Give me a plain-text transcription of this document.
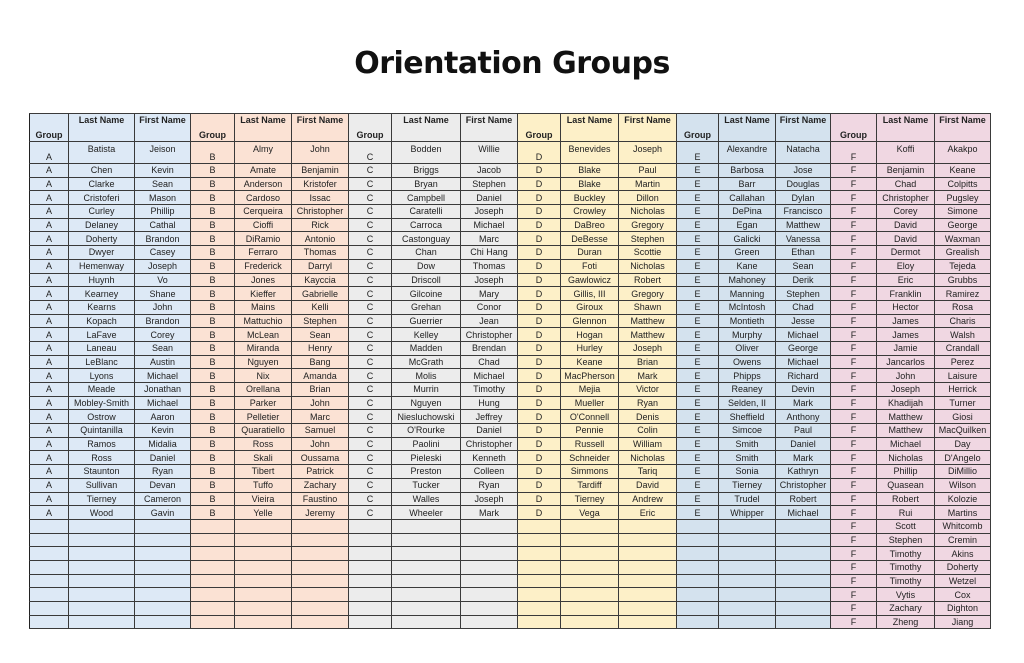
Orientation Groups
Group	Last Name	First Name	Group	Last Name	First Name	Group	Last Name	First Name	Group	Last Name	First Name	Group	Last Name	First Name	Group	Last Name	First Name
A	Batista	Jeison	B	Almy	John	C	Bodden	Willie	D	Benevides	Joseph	E	Alexandre	Natacha	F	Koffi	Akakpo
A	Chen	Kevin	B	Amate	Benjamin	C	Briggs	Jacob	D	Blake	Paul	E	Barbosa	Jose	F	Benjamin	Keane
A	Clarke	Sean	B	Anderson	Kristofer	C	Bryan	Stephen	D	Blake	Martin	E	Barr	Douglas	F	Chad	Colpitts
A	Cristoferi	Mason	B	Cardoso	Issac	C	Campbell	Daniel	D	Buckley	Dillon	E	Callahan	Dylan	F	Christopher	Pugsley
A	Curley	Phillip	B	Cerqueira	Christopher	C	Caratelli	Joseph	D	Crowley	Nicholas	E	DePina	Francisco	F	Corey	Simone
A	Delaney	Cathal	B	Cioffi	Rick	C	Carroca	Michael	D	DaBreo	Gregory	E	Egan	Matthew	F	David	George
A	Doherty	Brandon	B	DiRamio	Antonio	C	Castonguay	Marc	D	DeBesse	Stephen	E	Galicki	Vanessa	F	David	Waxman
A	Dwyer	Casey	B	Ferraro	Thomas	C	Chan	Chi Hang	D	Duran	Scottie	E	Green	Ethan	F	Dermot	Grealish
A	Hemenway	Joseph	B	Frederick	Darryl	C	Dow	Thomas	D	Foti	Nicholas	E	Kane	Sean	F	Eloy	Tejeda
A	Huynh	Vo	B	Jones	Kayccia	C	Driscoll	Joseph	D	Gawlowicz	Robert	E	Mahoney	Derik	F	Eric	Grubbs
A	Kearney	Shane	B	Kieffer	Gabrielle	C	Gilcoine	Mary	D	Gillis, III	Gregory	E	Manning	Stephen	F	Franklin	Ramirez
A	Kearns	John	B	Mains	Kelli	C	Grehan	Conor	D	Giroux	Shawn	E	McIntosh	Chad	F	Hector	Rosa
A	Kopach	Brandon	B	Mattuchio	Stephen	C	Guerrier	Jean	D	Glennon	Matthew	E	Montieth	Jesse	F	James	Charis
A	LaFave	Corey	B	McLean	Sean	C	Kelley	Christopher	D	Hogan	Matthew	E	Murphy	Michael	F	James	Walsh
A	Laneau	Sean	B	Miranda	Henry	C	Madden	Brendan	D	Hurley	Joseph	E	Oliver	George	F	Jamie	Crandall
A	LeBlanc	Austin	B	Nguyen	Bang	C	McGrath	Chad	D	Keane	Brian	E	Owens	Michael	F	Jancarlos	Perez
A	Lyons	Michael	B	Nix	Amanda	C	Molis	Michael	D	MacPherson	Mark	E	Phipps	Richard	F	John	Laisure
A	Meade	Jonathan	B	Orellana	Brian	C	Murrin	Timothy	D	Mejia	Victor	E	Reaney	Devin	F	Joseph	Herrick
A	Mobley-Smith	Michael	B	Parker	John	C	Nguyen	Hung	D	Mueller	Ryan	E	Selden, II	Mark	F	Khadijah	Turner
A	Ostrow	Aaron	B	Pelletier	Marc	C	Niesluchowski	Jeffrey	D	O'Connell	Denis	E	Sheffield	Anthony	F	Matthew	Giosi
A	Quintanilla	Kevin	B	Quaratiello	Samuel	C	O'Rourke	Daniel	D	Pennie	Colin	E	Simcoe	Paul	F	Matthew	MacQuilken
A	Ramos	Midalia	B	Ross	John	C	Paolini	Christopher	D	Russell	William	E	Smith	Daniel	F	Michael	Day
A	Ross	Daniel	B	Skali	Oussama	C	Pieleski	Kenneth	D	Schneider	Nicholas	E	Smith	Mark	F	Nicholas	D'Angelo
A	Staunton	Ryan	B	Tibert	Patrick	C	Preston	Colleen	D	Simmons	Tariq	E	Sonia	Kathryn	F	Phillip	DiMillio
A	Sullivan	Devan	B	Tuffo	Zachary	C	Tucker	Ryan	D	Tardiff	David	E	Tierney	Christopher	F	Quasean	Wilson
A	Tierney	Cameron	B	Vieira	Faustino	C	Walles	Joseph	D	Tierney	Andrew	E	Trudel	Robert	F	Robert	Kolozie
A	Wood	Gavin	B	Yelle	Jeremy	C	Wheeler	Mark	D	Vega	Eric	E	Whipper	Michael	F	Rui	Martins
															F	Scott	Whitcomb
															F	Stephen	Cremin
															F	Timothy	Akins
															F	Timothy	Doherty
															F	Timothy	Wetzel
															F	Vytis	Cox
															F	Zachary	Dighton
															F	Zheng	Jiang
